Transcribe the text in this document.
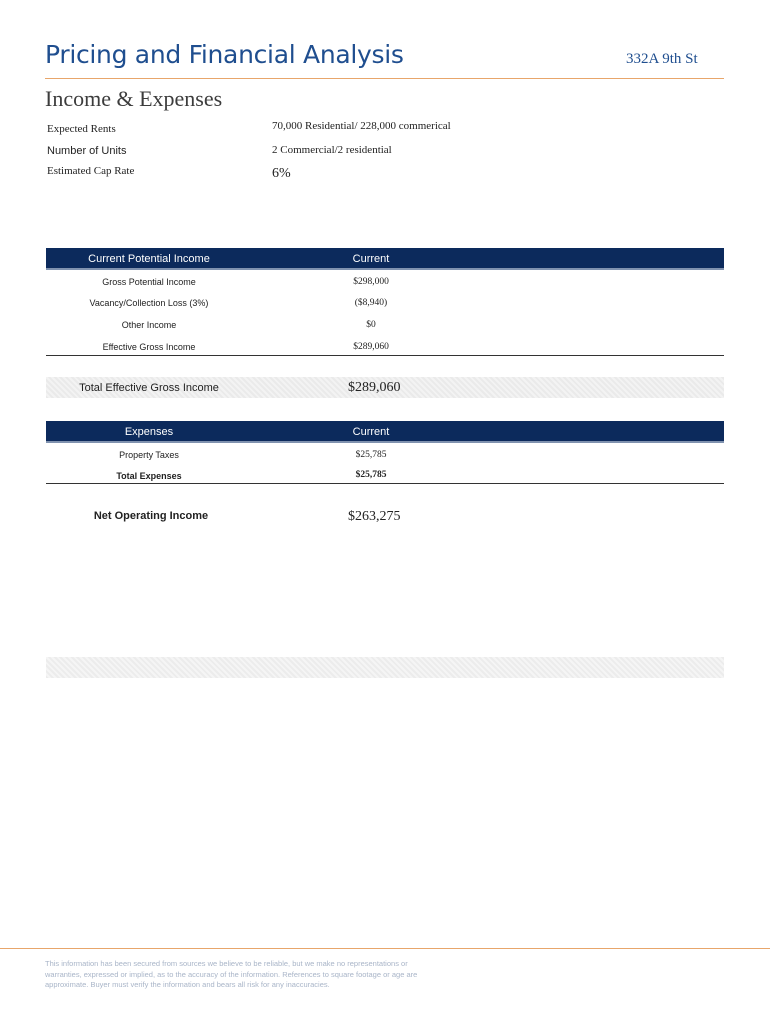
Pricing and Financial Analysis	332A 9th St
Income & Expenses
Expected Rents	70,000 Residential/ 228,000 commerical
Number of Units	2 Commercial/2 residential
Estimated Cap Rate	6%
Current Potential Income	Current
Gross Potential Income	$298,000
Vacancy/Collection Loss (3%)	($8,940)
Other Income	$0
Effective Gross Income	$289,060
Total Effective Gross Income	$289,060
Expenses	Current
Property Taxes	$25,785
Total Expenses	$25,785
Net Operating Income	$263,275
This information has been secured from sources we believe to be reliable, but we make no representations or warranties, expressed or implied, as to the accuracy of the information. References to square footage or age are approximate. Buyer must verify the information and bears all risk for any inaccuracies.
